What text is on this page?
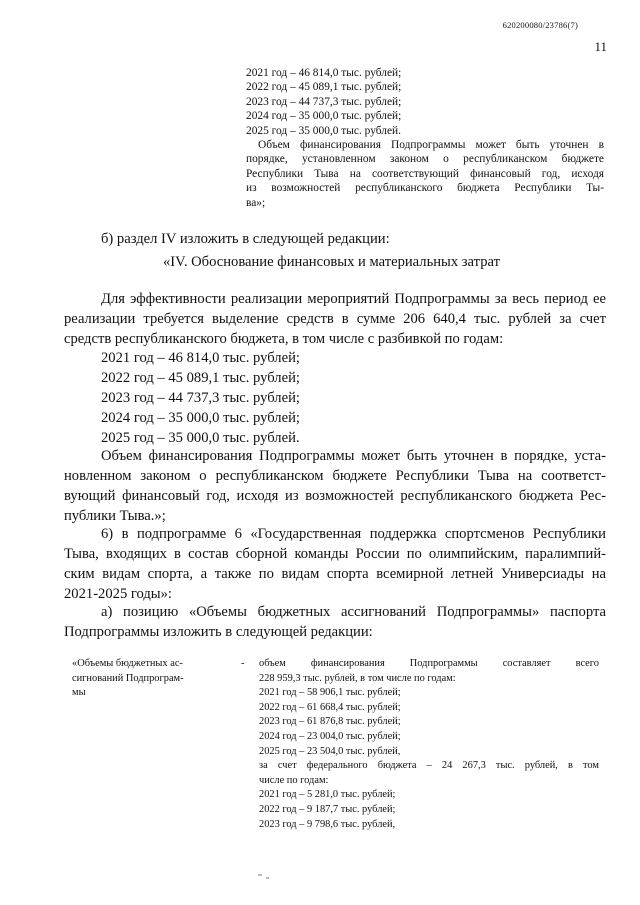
620200080/23786(7)
11
2021 год – 46 814,0 тыс. рублей;
2022 год – 45 089,1 тыс. рублей;
2023 год – 44 737,3 тыс. рублей;
2024 год – 35 000,0 тыс. рублей;
2025 год – 35 000,0 тыс. рублей.
Объем финансирования Подпрограммы может быть уточнен в
порядке, установленном законом о республиканском бюджете
Республики Тыва на соответствующий финансовый год, исходя
из возможностей республиканского бюджета Республики Ты-
ва»;
б) раздел IV изложить в следующей редакции:
«IV. Обоснование финансовых и материальных затрат
Для эффективности реализации мероприятий Подпрограммы за весь период ее
реализации требуется выделение средств в сумме 206 640,4 тыс. рублей за счет
средств республиканского бюджета, в том числе с разбивкой по годам:
2021 год – 46 814,0 тыс. рублей;
2022 год – 45 089,1 тыс. рублей;
2023 год – 44 737,3 тыс. рублей;
2024 год – 35 000,0 тыс. рублей;
2025 год – 35 000,0 тыс. рублей.
Объем финансирования Подпрограммы может быть уточнен в порядке, уста-
новленном законом о республиканском бюджете Республики Тыва на соответст-
вующий финансовый год, исходя из возможностей республиканского бюджета Рес-
публики Тыва.»;
6) в подпрограмме 6 «Государственная поддержка спортсменов Республики
Тыва, входящих в состав сборной команды России по олимпийским, паралимпий-
ским видам спорта, а также по видам спорта всемирной летней Универсиады на
2021-2025 годы»:
а) позицию «Объемы бюджетных ассигнований Подпрограммы» паспорта
Подпрограммы изложить в следующей редакции:
«Объемы бюджетных ас-
сигнований Подпрограм-
мы
- объем финансирования Подпрограммы составляет всего
228 959,3 тыс. рублей, в том числе по годам:
2021 год – 58 906,1 тыс. рублей;
2022 год – 61 668,4 тыс. рублей;
2023 год – 61 876,8 тыс. рублей;
2024 год – 23 004,0 тыс. рублей;
2025 год – 23 504,0 тыс. рублей,
за счет федерального бюджета – 24 267,3 тыс. рублей, в том
числе по годам:
2021 год – 5 281,0 тыс. рублей;
2022 год – 9 187,7 тыс. рублей;
2023 год – 9 798,6 тыс. рублей,
